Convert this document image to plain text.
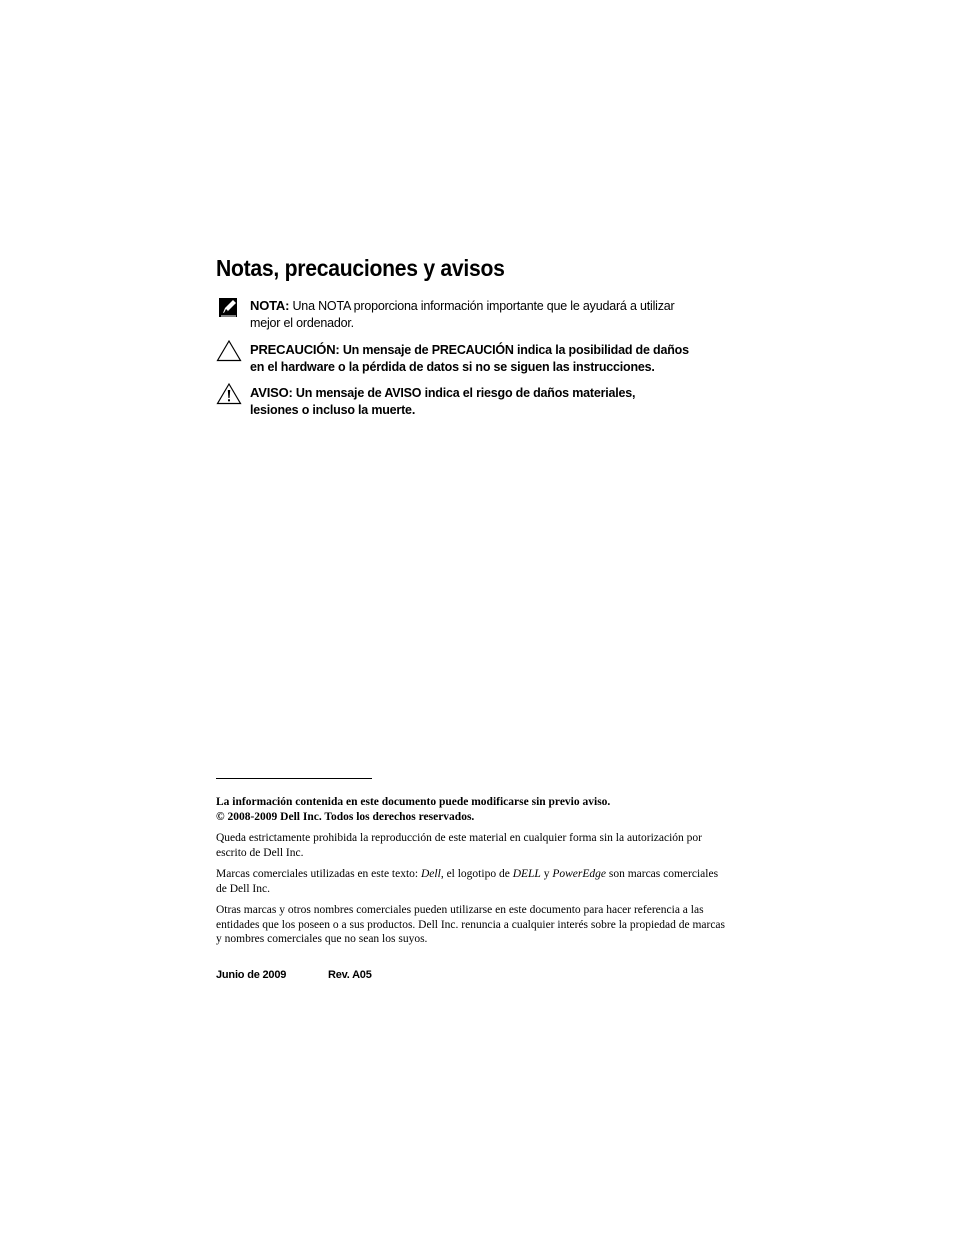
Notas, precauciones y avisos
NOTA: Una NOTA proporciona información importante que le ayudará a utilizar
mejor el ordenador.
PRECAUCIÓN: Un mensaje de PRECAUCIÓN indica la posibilidad de daños
en el hardware o la pérdida de datos si no se siguen las instrucciones.
AVISO: Un mensaje de AVISO indica el riesgo de daños materiales,
lesiones o incluso la muerte.

La información contenida en este documento puede modificarse sin previo aviso.
© 2008-2009 Dell Inc. Todos los derechos reservados.

Queda estrictamente prohibida la reproducción de este material en cualquier forma sin la autorización por escrito de Dell Inc.

Marcas comerciales utilizadas en este texto: Dell, el logotipo de DELL y PowerEdge son marcas comerciales de Dell Inc.

Otras marcas y otros nombres comerciales pueden utilizarse en este documento para hacer referencia a las entidades que los poseen o a sus productos. Dell Inc. renuncia a cualquier interés sobre la propiedad de marcas y nombres comerciales que no sean los suyos.

Junio de 2009	Rev. A05
